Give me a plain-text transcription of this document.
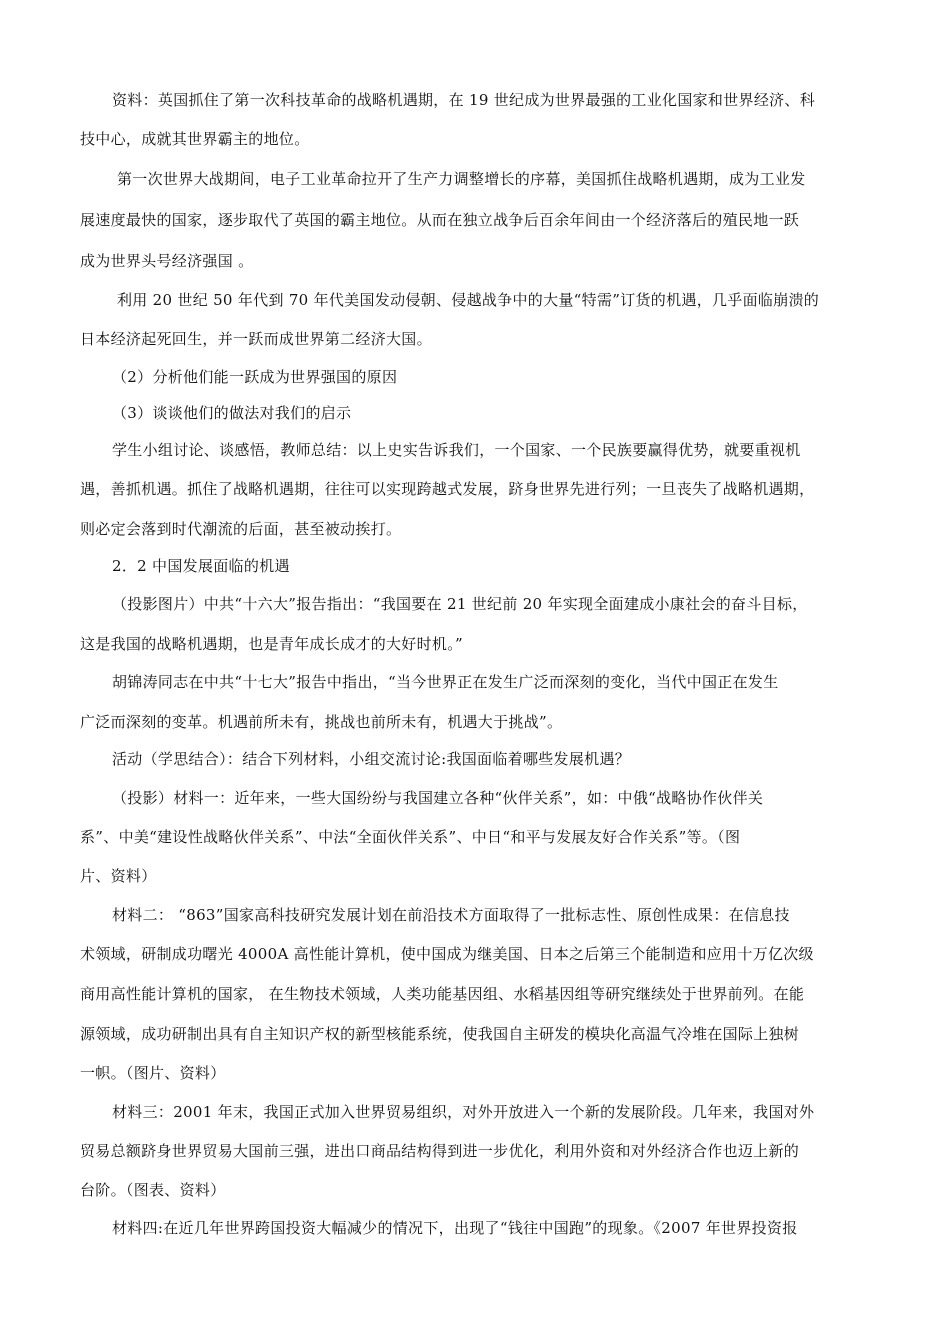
资料：英国抓住了第一次科技革命的战略机遇期，在 19 世纪成为世界最强的工业化国家和世界经济、科
技中心，成就其世界霸主的地位。
第一次世界大战期间，电子工业革命拉开了生产力调整增长的序幕，美国抓住战略机遇期，成为工业发
展速度最快的国家，逐步取代了英国的霸主地位。从而在独立战争后百余年间由一个经济落后的殖民地一跃
成为世界头号经济强国 。
利用 20 世纪 50 年代到 70 年代美国发动侵朝、侵越战争中的大量“特需”订货的机遇，几乎面临崩溃的
日本经济起死回生，并一跃而成世界第二经济大国。
（2）分析他们能一跃成为世界强国的原因
（3）谈谈他们的做法对我们的启示
学生小组讨论、谈感悟，教师总结：以上史实告诉我们，一个国家、一个民族要赢得优势，就要重视机
遇，善抓机遇。抓住了战略机遇期，往往可以实现跨越式发展，跻身世界先进行列；一旦丧失了战略机遇期，
则必定会落到时代潮流的后面，甚至被动挨打。
2．2 中国发展面临的机遇
（投影图片）中共“十六大”报告指出：“我国要在 21 世纪前 20 年实现全面建成小康社会的奋斗目标，
这是我国的战略机遇期，也是青年成长成才的大好时机。”
胡锦涛同志在中共“十七大”报告中指出，“当今世界正在发生广泛而深刻的变化，当代中国正在发生
广泛而深刻的变革。机遇前所未有，挑战也前所未有，机遇大于挑战”。
活动（学思结合）：结合下列材料，小组交流讨论:我国面临着哪些发展机遇？
（投影）材料一：近年来，一些大国纷纷与我国建立各种“伙伴关系”，如：中俄“战略协作伙伴关
系”、中美“建设性战略伙伴关系”、中法“全面伙伴关系”、中日“和平与发展友好合作关系”等。（图
片、资料）
材料二： “863”国家高科技研究发展计划在前沿技术方面取得了一批标志性、原创性成果：在信息技
术领域，研制成功曙光 4000A 高性能计算机，使中国成为继美国、日本之后第三个能制造和应用十万亿次级
商用高性能计算机的国家， 在生物技术领域，人类功能基因组、水稻基因组等研究继续处于世界前列。在能
源领域，成功研制出具有自主知识产权的新型核能系统，使我国自主研发的模块化高温气冷堆在国际上独树
一帜。（图片、资料）
材料三：2001 年末，我国正式加入世界贸易组织，对外开放进入一个新的发展阶段。几年来，我国对外
贸易总额跻身世界贸易大国前三强，进出口商品结构得到进一步优化，利用外资和对外经济合作也迈上新的
台阶。（图表、资料）
材料四:在近几年世界跨国投资大幅减少的情况下，出现了“钱往中国跑”的现象。《2007 年世界投资报
